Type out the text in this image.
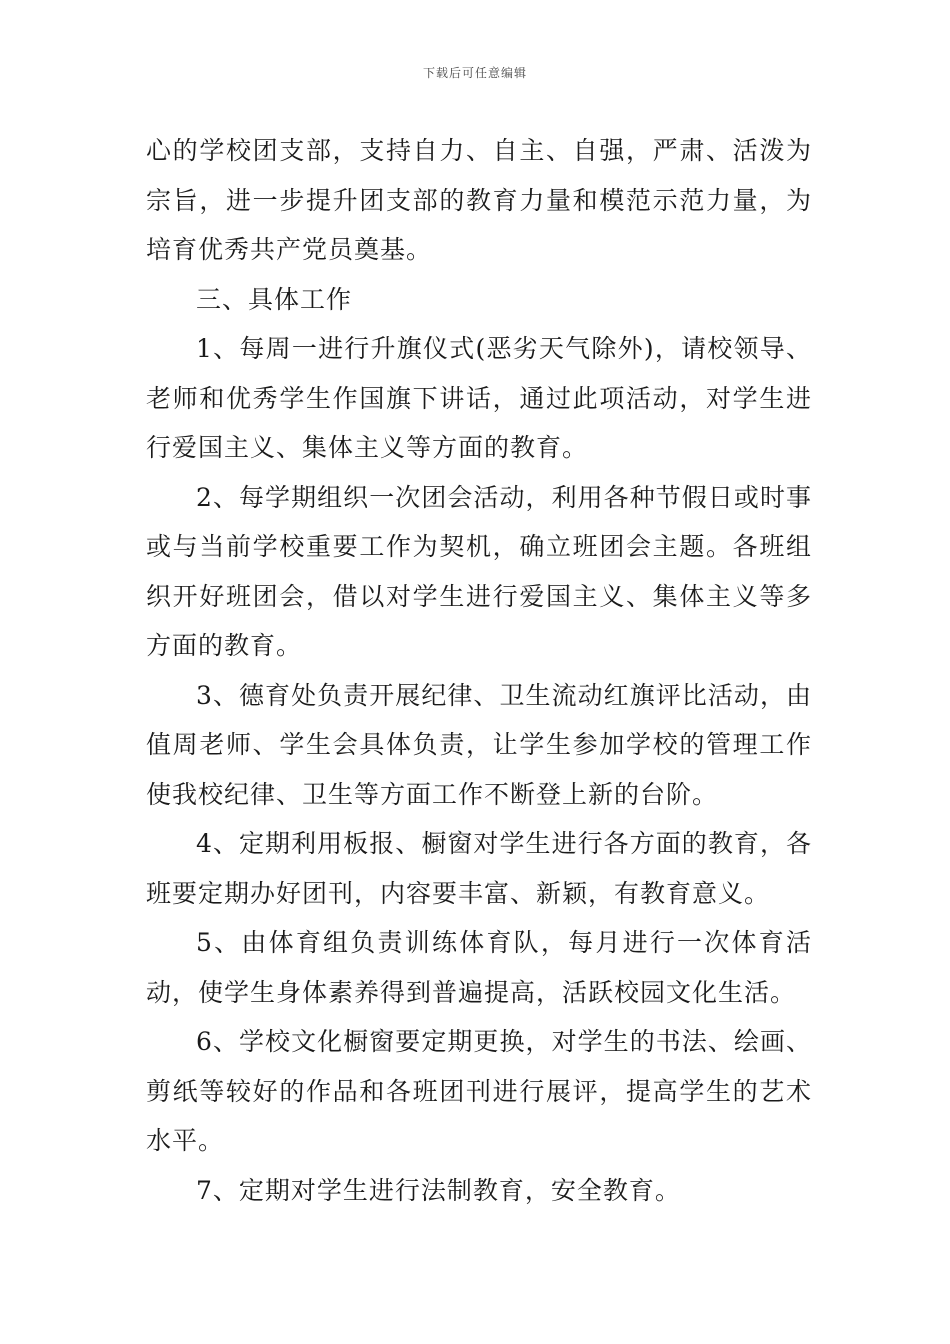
下载后可任意编辑

心的学校团支部，支持自力、自主、自强，严肃、活泼为宗旨，进一步提升团支部的教育力量和模范示范力量，为培育优秀共产党员奠基。

三、具体工作

1、每周一进行升旗仪式(恶劣天气除外)，请校领导、老师和优秀学生作国旗下讲话，通过此项活动，对学生进行爱国主义、集体主义等方面的教育。

2、每学期组织一次团会活动，利用各种节假日或时事或与当前学校重要工作为契机，确立班团会主题。各班组织开好班团会，借以对学生进行爱国主义、集体主义等多方面的教育。

3、德育处负责开展纪律、卫生流动红旗评比活动，由值周老师、学生会具体负责，让学生参加学校的管理工作使我校纪律、卫生等方面工作不断登上新的台阶。

4、定期利用板报、橱窗对学生进行各方面的教育，各班要定期办好团刊，内容要丰富、新颖，有教育意义。

5、由体育组负责训练体育队，每月进行一次体育活动，使学生身体素养得到普遍提高，活跃校园文化生活。

6、学校文化橱窗要定期更换，对学生的书法、绘画、剪纸等较好的作品和各班团刊进行展评，提高学生的艺术水平。

7、定期对学生进行法制教育，安全教育。
